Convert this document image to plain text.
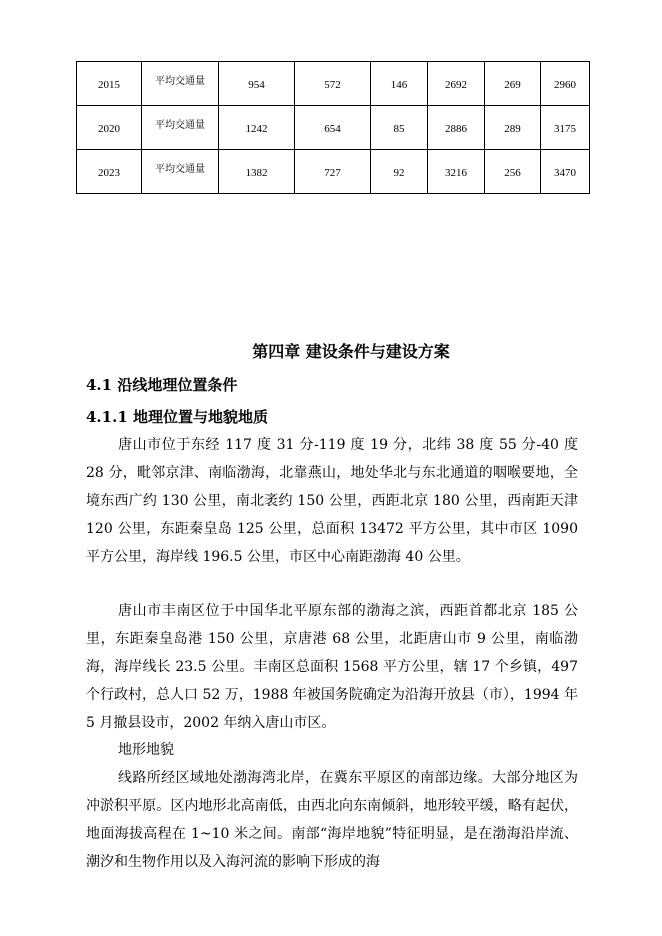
2015	平均交通量	954	572	146	2692	269	2960
2020	平均交通量	1242	654	85	2886	289	3175
2023	平均交通量	1382	727	92	3216	256	3470
第四章 建设条件与建设方案
4.1 沿线地理位置条件
4.1.1 地理位置与地貌地质

唐山市位于东经 117 度 31 分-119 度 19 分，北纬 38 度 55 分-40 度 28 分，毗邻京津、南临渤海，北靠燕山，地处华北与东北通道的咽喉要地，全境东西广约 130 公里，南北袤约 150 公里，西距北京 180 公里，西南距天津 120 公里，东距秦皇岛 125 公里，总面积 13472 平方公里，其中市区 1090 平方公里，海岸线 196.5 公里，市区中心南距渤海 40 公里。

唐山市丰南区位于中国华北平原东部的渤海之滨，西距首都北京 185 公里，东距秦皇岛港 150 公里，京唐港 68 公里，北距唐山市 9 公里，南临渤海，海岸线长 23.5 公里。丰南区总面积 1568 平方公里，辖 17 个乡镇，497 个行政村，总人口 52 万，1988 年被国务院确定为沿海开放县（市），1994 年 5 月撤县设市，2002 年纳入唐山市区。

地形地貌

线路所经区域地处渤海湾北岸，在冀东平原区的南部边缘。大部分地区为冲淤积平原。区内地形北高南低，由西北向东南倾斜，地形较平缓，略有起伏，地面海拔高程在 1~10 米之间。南部“海岸地貌”特征明显，是在渤海沿岸流、潮汐和生物作用以及入海河流的影响下形成的海
